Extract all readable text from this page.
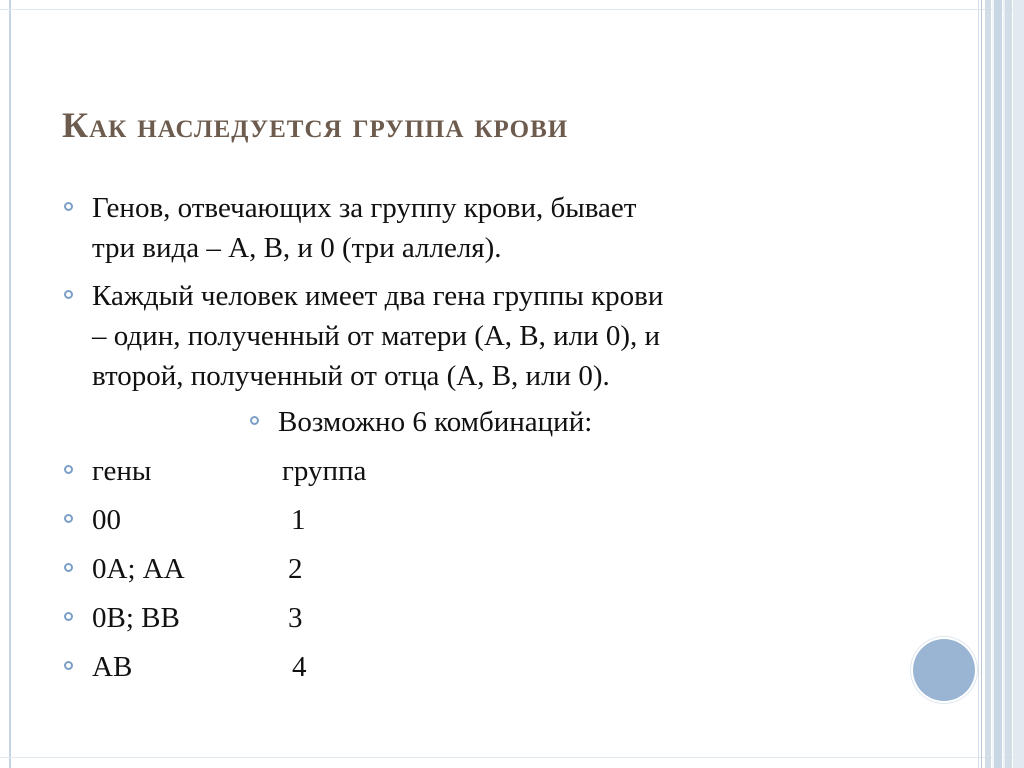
Как наследуется группа крови
Генов, отвечающих за группу крови, бывает
три вида – А, В, и 0 (три аллеля).
Каждый человек имеет два гена группы крови
– один, полученный от матери (А, В, или 0), и
второй, полученный от отца (А, В, или 0).
Возможно 6 комбинаций:
гены	группа
00	1
0А; АА	2
0В; ВВ	3
АВ	4
